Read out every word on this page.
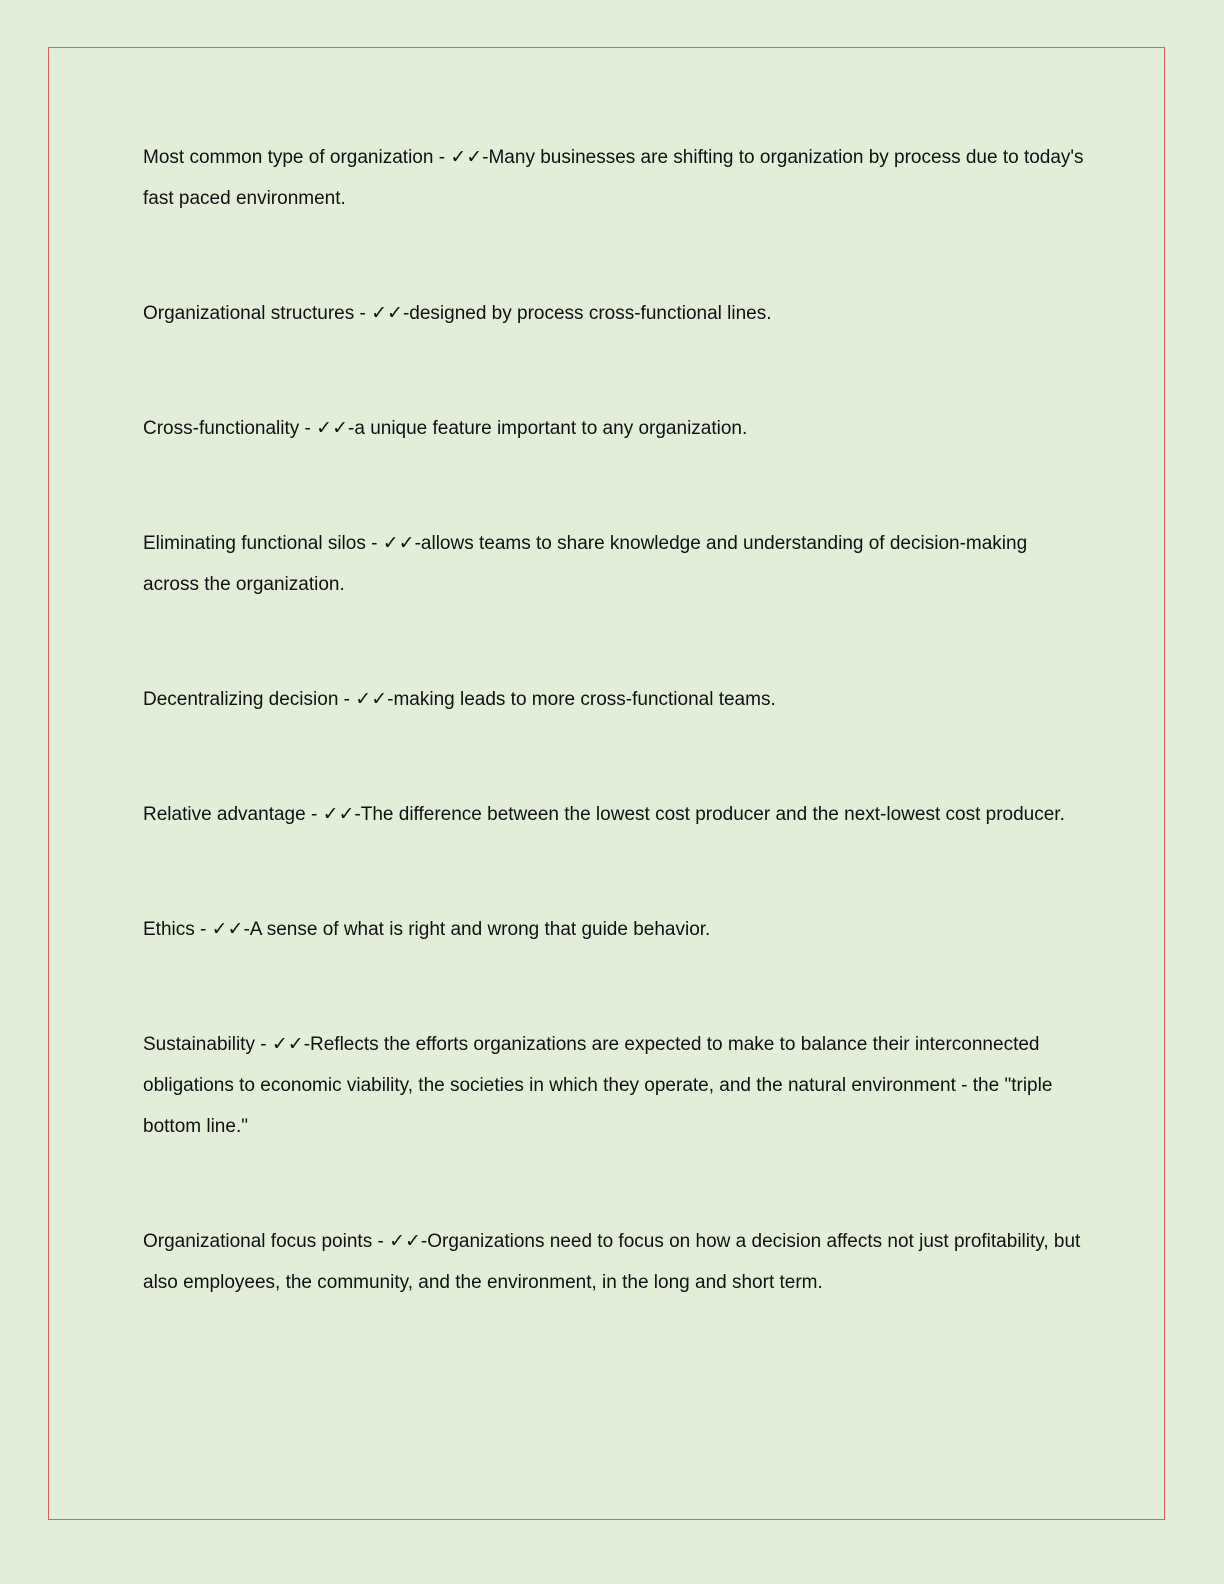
Most common type of organization - ✓✓-Many businesses are shifting to organization by process due to today's fast paced environment.

Organizational structures - ✓✓-designed by process cross-functional lines.

Cross-functionality - ✓✓-a unique feature important to any organization.

Eliminating functional silos - ✓✓-allows teams to share knowledge and understanding of decision-making across the organization.

Decentralizing decision - ✓✓-making leads to more cross-functional teams.

Relative advantage - ✓✓-The difference between the lowest cost producer and the next-lowest cost producer.

Ethics - ✓✓-A sense of what is right and wrong that guide behavior.

Sustainability - ✓✓-Reflects the efforts organizations are expected to make to balance their interconnected obligations to economic viability, the societies in which they operate, and the natural environment - the "triple bottom line."

Organizational focus points - ✓✓-Organizations need to focus on how a decision affects not just profitability, but also employees, the community, and the environment, in the long and short term.
